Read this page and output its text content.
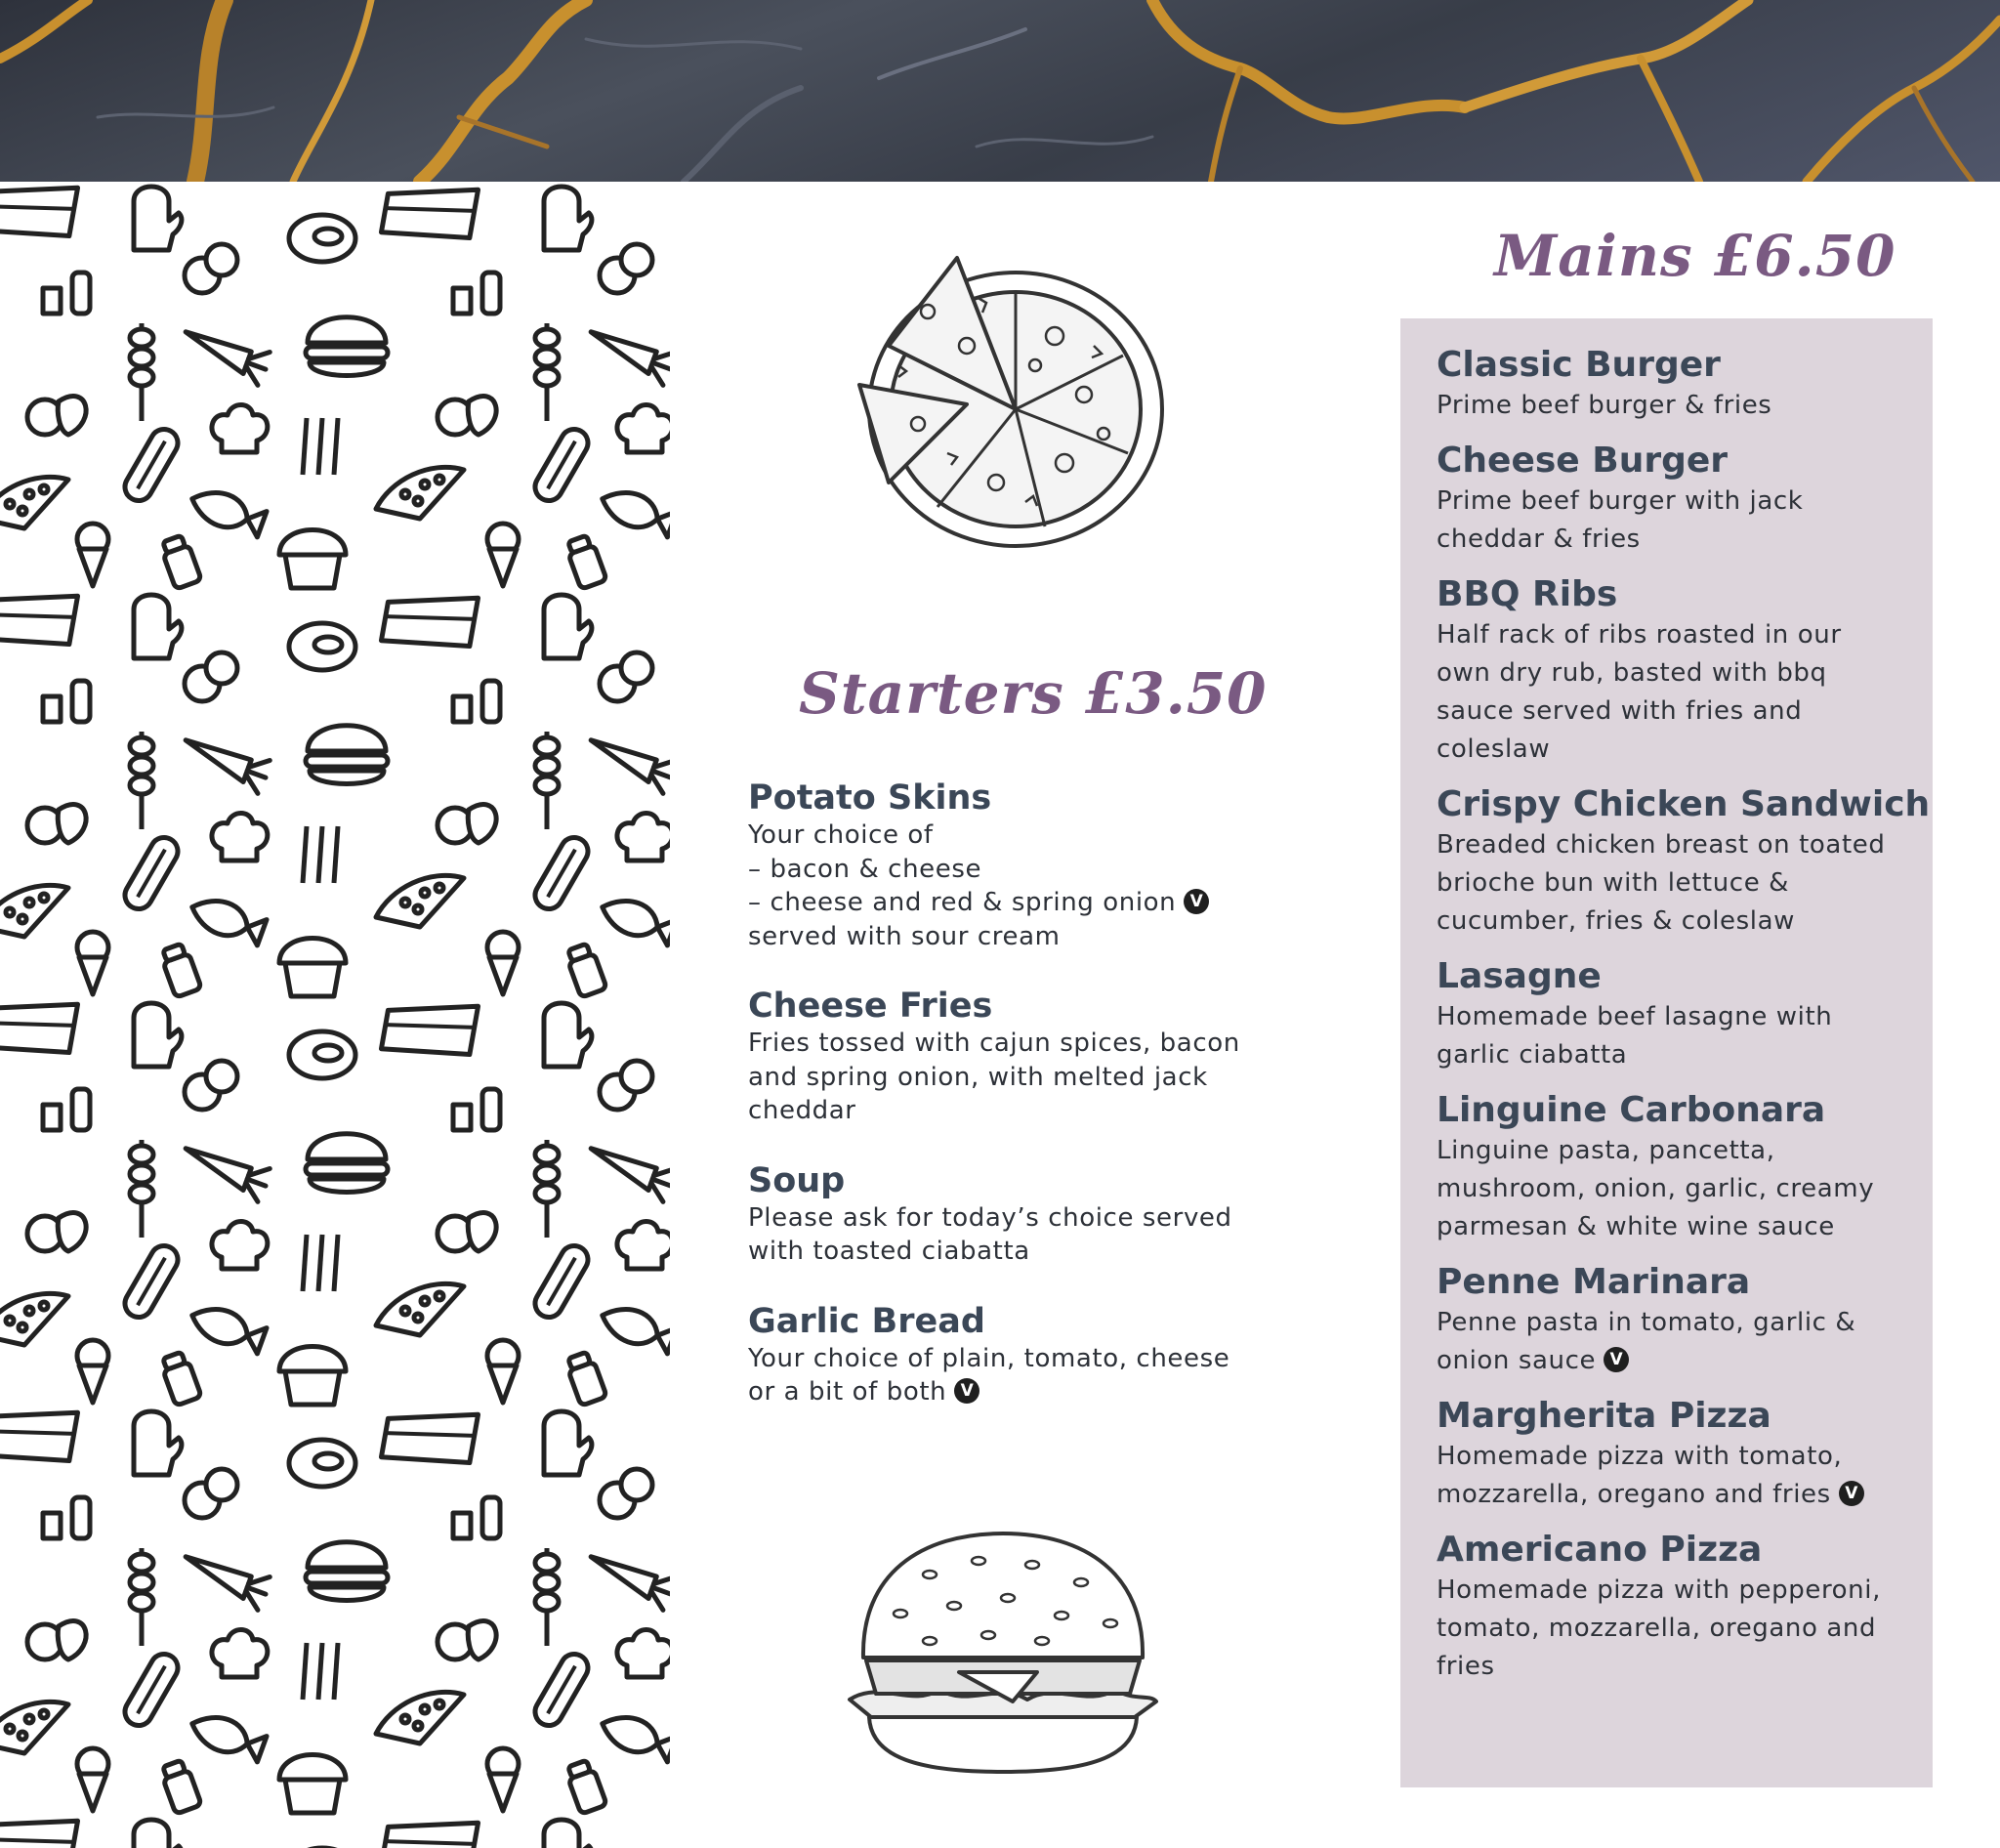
Starters £3.50
Potato Skins
Your choice of
– bacon & cheese
– cheese and red & spring onion V
served with sour cream
Cheese Fries
Fries tossed with cajun spices, bacon
and spring onion, with melted jack
cheddar
Soup
Please ask for today’s choice served
with toasted ciabatta
Garlic Bread
Your choice of plain, tomato, cheese
or a bit of both V
Mains £6.50
Classic Burger
Prime beef burger & fries
Cheese Burger
Prime beef burger with jack
cheddar & fries
BBQ Ribs
Half rack of ribs roasted in our
own dry rub, basted with bbq
sauce served with fries and
coleslaw
Crispy Chicken Sandwich
Breaded chicken breast on toated
brioche bun with lettuce &
cucumber, fries & coleslaw
Lasagne
Homemade beef lasagne with
garlic ciabatta
Linguine Carbonara
Linguine pasta, pancetta,
mushroom, onion, garlic, creamy
parmesan & white wine sauce
Penne Marinara
Penne pasta in tomato, garlic &
onion sauce V
Margherita Pizza
Homemade pizza with tomato,
mozzarella, oregano and fries V
Americano Pizza
Homemade pizza with pepperoni,
tomato, mozzarella, oregano and
fries
